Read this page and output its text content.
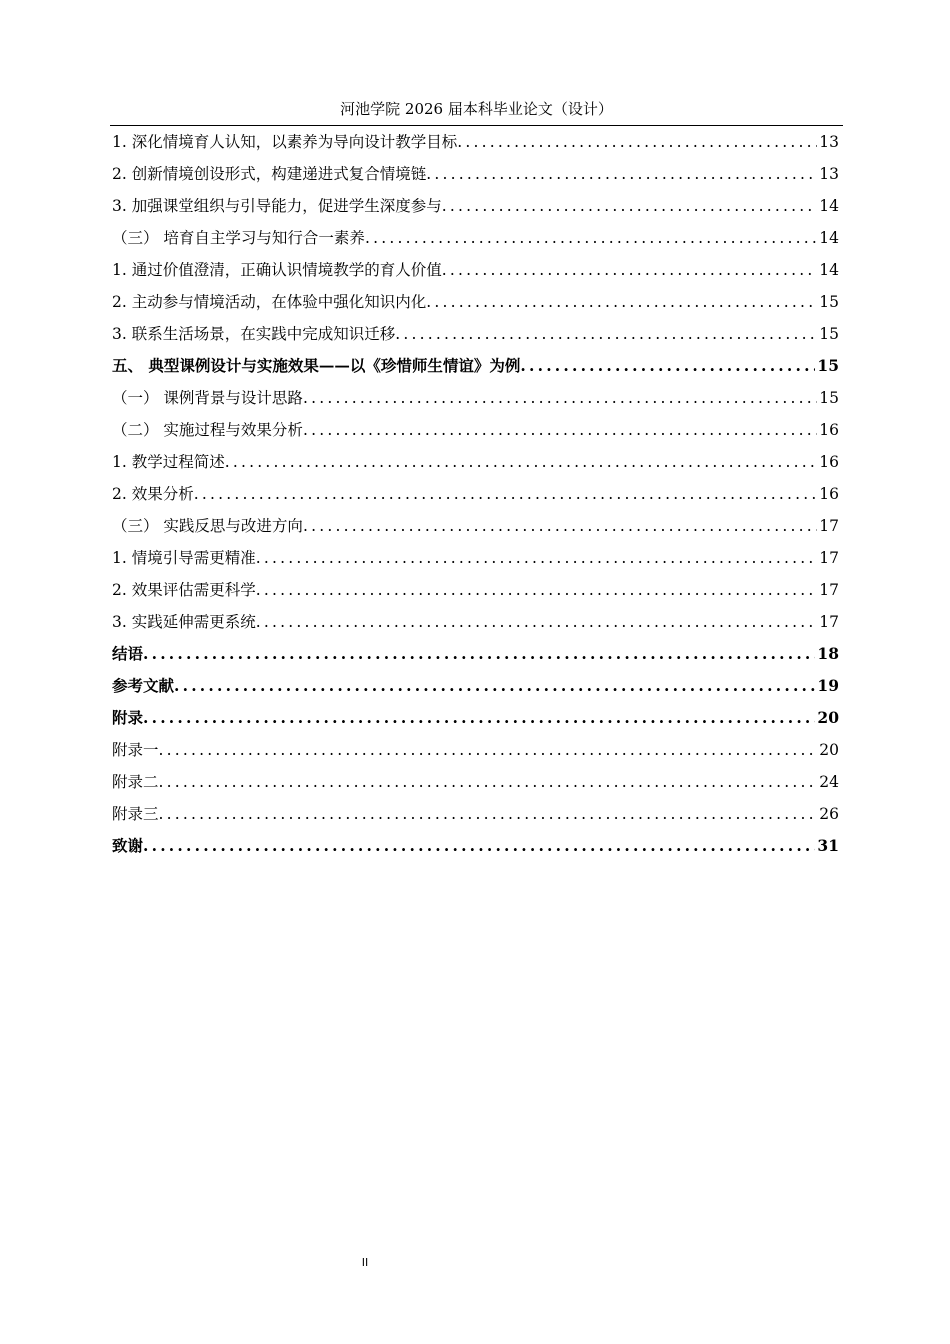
河池学院 2026 届本科毕业论文（设计）
1. 深化情境育人认知，以素养为导向设计教学目标 .....	13
2. 创新情境创设形式，构建递进式复合情境链 .....	13
3. 加强课堂组织与引导能力，促进学生深度参与 .....	14
（三） 培育自主学习与知行合一素养 .....	14
1. 通过价值澄清，正确认识情境教学的育人价值 .....	14
2. 主动参与情境活动，在体验中强化知识内化 .....	15
3. 联系生活场景，在实践中完成知识迁移 .....	15
五、 典型课例设计与实施效果——以《珍惜师生情谊》为例 .....	15
（一） 课例背景与设计思路 .....	15
（二） 实施过程与效果分析 .....	16
1. 教学过程简述 .....	16
2. 效果分析 .....	16
（三） 实践反思与改进方向 .....	17
1. 情境引导需更精准 .....	17
2. 效果评估需更科学 .....	17
3. 实践延伸需更系统 .....	17
结语 .....	18
参考文献 .....	19
附录 .....	20
附录一 .....	20
附录二 .....	24
附录三 .....	26
致谢 .....	31
II
